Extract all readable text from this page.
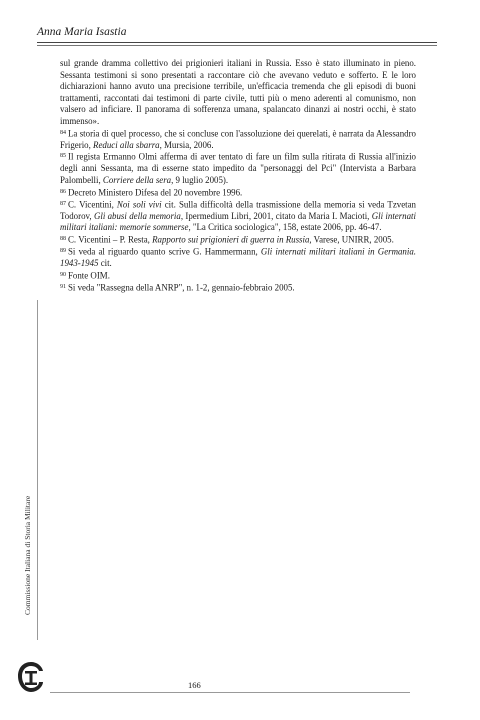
Anna Maria Isastia

sul grande dramma collettivo dei prigionieri italiani in Russia. Esso è stato illuminato in pieno. Sessanta testimoni si sono presentati a raccontare ciò che avevano veduto e sofferto. E le loro dichiarazioni hanno avuto una precisione terribile, un'efficacia tremenda che gli episodi di buoni trattamenti, raccontati dai testimoni di parte civile, tutti più o meno aderenti al comunismo, non valsero ad inficiare. Il panorama di sofferenza umana, spalancato dinanzi ai nostri occhi, è stato immenso».

$^{84}$ La storia di quel processo, che si concluse con l'assoluzione dei querelati, è narrata da Alessandro Frigerio, Reduci alla sbarra, Mursia, 2006.

$^{85}$ Il regista Ermanno Olmi afferma di aver tentato di fare un film sulla ritirata di Russia all'inizio degli anni Sessanta, ma di esserne stato impedito da "personaggi del Pci" (Intervista a Barbara Palombelli, Corriere della sera, 9 luglio 2005).

$^{86}$ Decreto Ministero Difesa del 20 novembre 1996.

$^{87}$ C. Vicentini, Noi soli vivi cit. Sulla difficoltà della trasmissione della memoria si veda Tzvetan Todorov, Gli abusi della memoria, Ipermedium Libri, 2001, citato da Maria I. Macioti, Gli internati militari italiani: memorie sommerse, "La Critica sociologica", 158, estate 2006, pp. 46-47.

$^{88}$ C. Vicentini – P. Resta, Rapporto sui prigionieri di guerra in Russia, Varese, UNIRR, 2005.

$^{89}$ Si veda al riguardo quanto scrive G. Hammermann, Gli internati militari italiani in Germania. 1943-1945 cit.

$^{90}$ Fonte OIM.

$^{91}$ Si veda "Rassegna della ANRP", n. 1-2, gennaio-febbraio 2005.

Commissione Italiana di Storia Militare
166
